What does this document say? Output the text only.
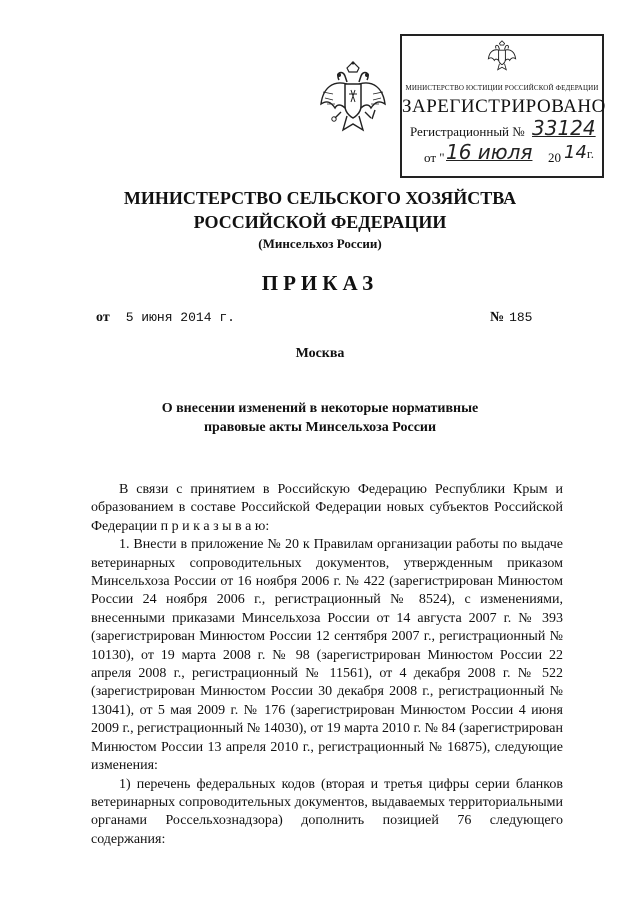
МИНИСТЕРСТВО ЮСТИЦИИ РОССИЙСКОЙ ФЕДЕРАЦИИ
ЗАРЕГИСТРИРОВАНО
Регистрационный № 33124
от " 16 июля 20 14г.
МИНИСТЕРСТВО СЕЛЬСКОГО ХОЗЯЙСТВА
РОССИЙСКОЙ ФЕДЕРАЦИИ
(Минсельхоз России)
ПРИКАЗ
от 5 июня 2014 г.	№ 185
Москва
О внесении изменений в некоторые нормативные
правовые акты Минсельхоза России

В связи с принятием в Российскую Федерацию Республики Крым и образованием в составе Российской Федерации новых субъектов Российской Федерации п р и к а з ы в а ю:

1. Внести в приложение № 20 к Правилам организации работы по выдаче ветеринарных сопроводительных документов, утвержденным приказом Минсельхоза России от 16 ноября 2006 г. № 422 (зарегистрирован Минюстом России 24 ноября 2006 г., регистрационный № 8524), с изменениями, внесенными приказами Минсельхоза России от 14 августа 2007 г. № 393 (зарегистрирован Минюстом России 12 сентября 2007 г., регистрационный № 10130), от 19 марта 2008 г. № 98 (зарегистрирован Минюстом России 22 апреля 2008 г., регистрационный № 11561), от 4 декабря 2008 г. № 522 (зарегистрирован Минюстом России 30 декабря 2008 г., регистрационный № 13041), от 5 мая 2009 г. № 176 (зарегистрирован Минюстом России 4 июня 2009 г., регистрационный № 14030), от 19 марта 2010 г. № 84 (зарегистрирован Минюстом России 13 апреля 2010 г., регистрационный № 16875), следующие изменения:

1) перечень федеральных кодов (вторая и третья цифры серии бланков ветеринарных сопроводительных документов, выдаваемых территориальными органами Россельхознадзора) дополнить позицией 76 следующего содержания:
